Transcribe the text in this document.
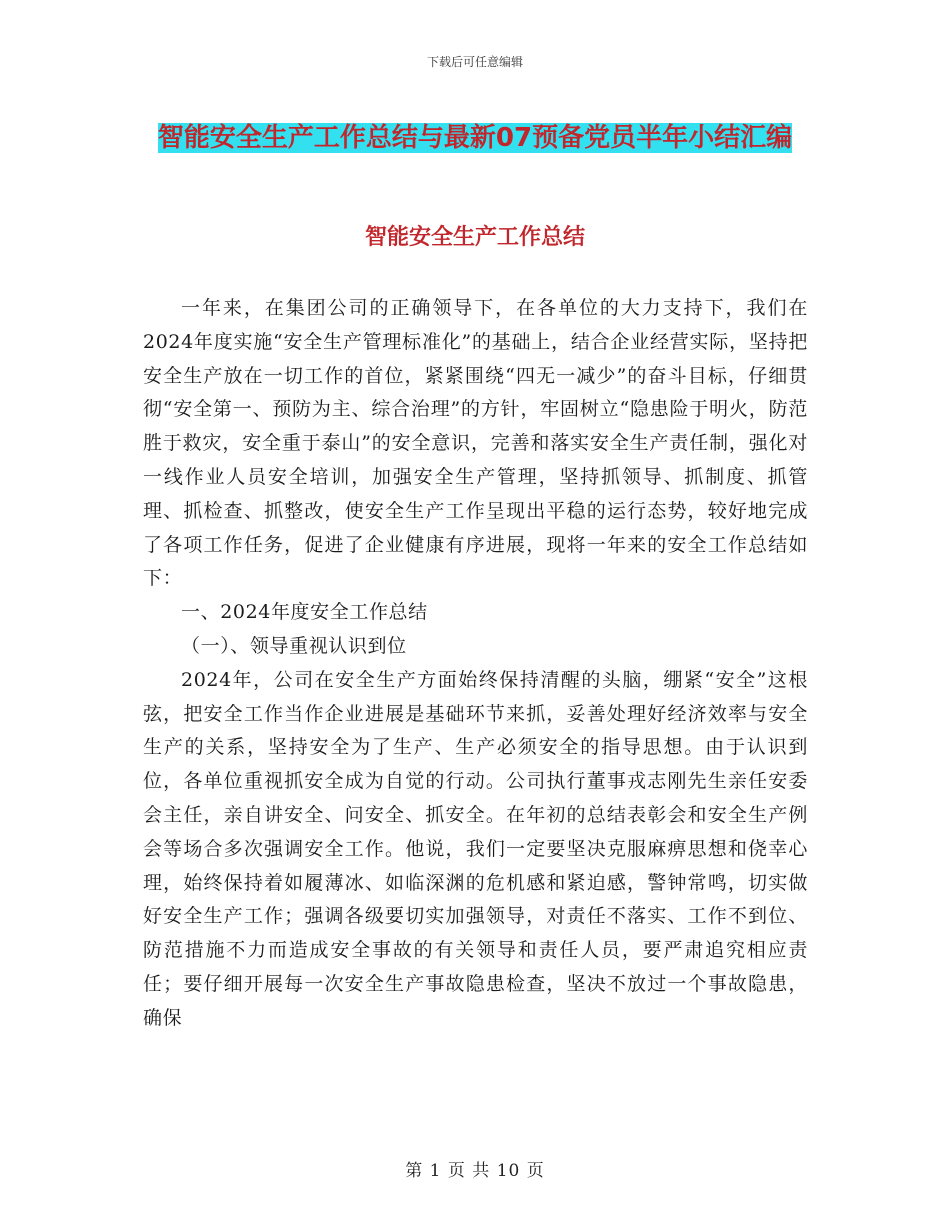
下载后可任意编辑
智能安全生产工作总结与最新07预备党员半年小结汇编
智能安全生产工作总结

一年来，在集团公司的正确领导下，在各单位的大力支持下，我们在2024年度实施“安全生产管理标准化”的基础上，结合企业经营实际，坚持把安全生产放在一切工作的首位，紧紧围绕“四无一减少”的奋斗目标，仔细贯彻“安全第一、预防为主、综合治理”的方针，牢固树立“隐患险于明火，防范胜于救灾，安全重于泰山”的安全意识，完善和落实安全生产责任制，强化对一线作业人员安全培训，加强安全生产管理，坚持抓领导、抓制度、抓管理、抓检查、抓整改，使安全生产工作呈现出平稳的运行态势，较好地完成了各项工作任务，促进了企业健康有序进展，现将一年来的安全工作总结如下：

一、2024年度安全工作总结

（一）、领导重视认识到位

2024年，公司在安全生产方面始终保持清醒的头脑，绷紧“安全”这根弦，把安全工作当作企业进展是基础环节来抓，妥善处理好经济效率与安全生产的关系，坚持安全为了生产、生产必须安全的指导思想。由于认识到位，各单位重视抓安全成为自觉的行动。公司执行董事戎志刚先生亲任安委会主任，亲自讲安全、问安全、抓安全。在年初的总结表彰会和安全生产例会等场合多次强调安全工作。他说，我们一定要坚决克服麻痹思想和侥幸心理，始终保持着如履薄冰、如临深渊的危机感和紧迫感，警钟常鸣，切实做好安全生产工作；强调各级要切实加强领导，对责任不落实、工作不到位、防范措施不力而造成安全事故的有关领导和责任人员，要严肃追究相应责任；要仔细开展每一次安全生产事故隐患检查，坚决不放过一个事故隐患，确保

第 1 页 共 10 页
